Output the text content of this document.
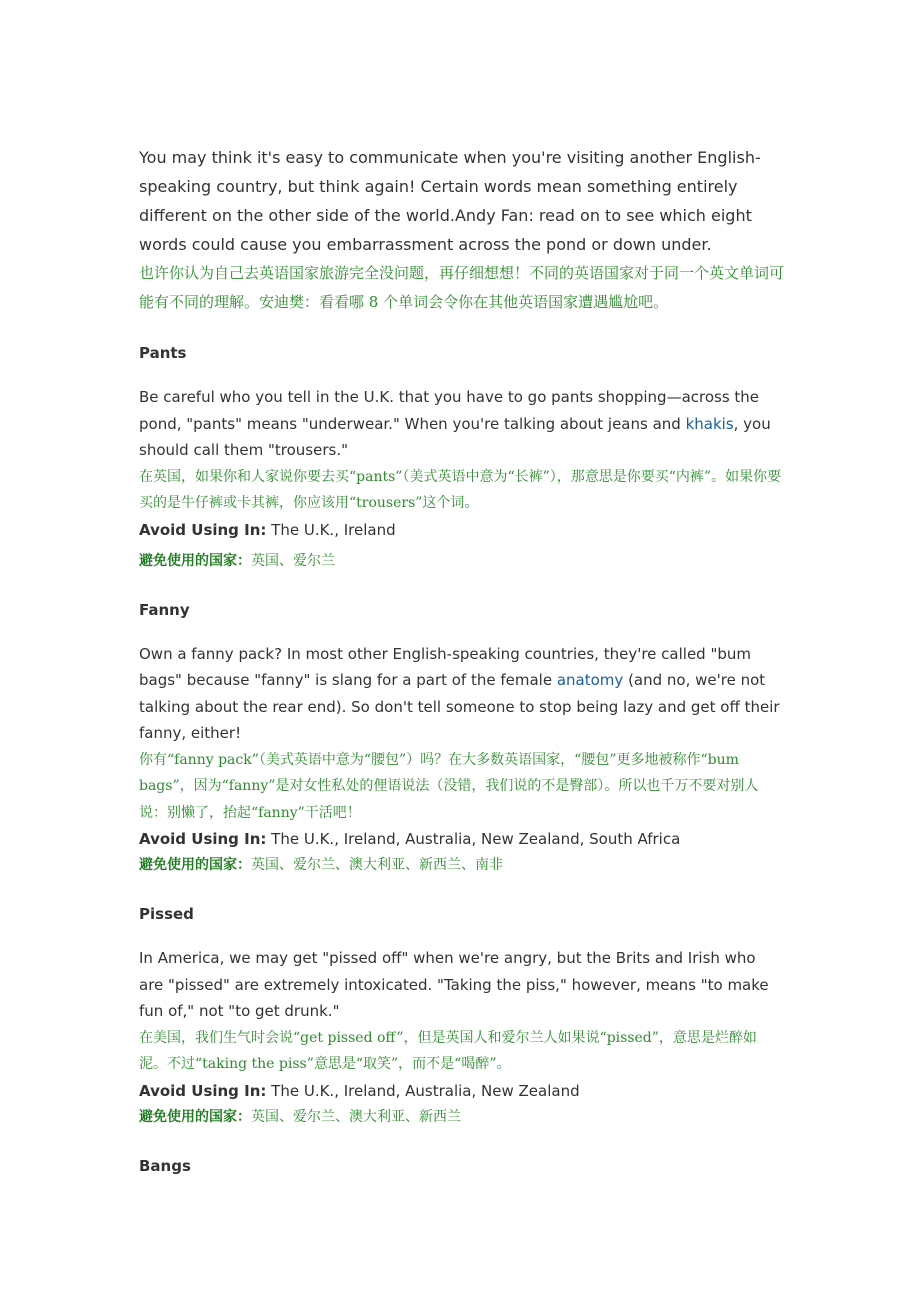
You may think it's easy to communicate when you're visiting another English-speaking country, but think again! Certain words mean something entirely different on the other side of the world.Andy Fan: read on to see which eight words could cause you embarrassment across the pond or down under.

也许你认为自己去英语国家旅游完全没问题，再仔细想想！不同的英语国家对于同一个英文单词可能有不同的理解。安迪樊：看看哪 8 个单词会令你在其他英语国家遭遇尴尬吧。

Pants

Be careful who you tell in the U.K. that you have to go pants shopping—across the pond, "pants" means "underwear." When you're talking about jeans and khakis, you should call them "trousers."

在英国，如果你和人家说你要去买“pants”（美式英语中意为“长裤”），那意思是你要买“内裤”。如果你要买的是牛仔裤或卡其裤，你应该用“trousers”这个词。

Avoid Using In: The U.K., Ireland

避免使用的国家：英国、爱尔兰

Fanny

Own a fanny pack? In most other English-speaking countries, they're called "bum bags" because "fanny" is slang for a part of the female anatomy (and no, we're not talking about the rear end). So don't tell someone to stop being lazy and get off their fanny, either!

你有“fanny pack”（美式英语中意为“腰包”）吗？在大多数英语国家，“腰包”更多地被称作“bum bags”，因为“fanny”是对女性私处的俚语说法（没错，我们说的不是臀部）。所以也千万不要对别人说：别懒了，抬起“fanny”干活吧！

Avoid Using In: The U.K., Ireland, Australia, New Zealand, South Africa

避免使用的国家：英国、爱尔兰、澳大利亚、新西兰、南非

Pissed

In America, we may get "pissed off" when we're angry, but the Brits and Irish who are "pissed" are extremely intoxicated. "Taking the piss," however, means "to make fun of," not "to get drunk."

在美国，我们生气时会说“get pissed off”，但是英国人和爱尔兰人如果说“pissed”，意思是烂醉如泥。不过“taking the piss”意思是“取笑”，而不是“喝醉”。

Avoid Using In: The U.K., Ireland, Australia, New Zealand

避免使用的国家：英国、爱尔兰、澳大利亚、新西兰

Bangs
